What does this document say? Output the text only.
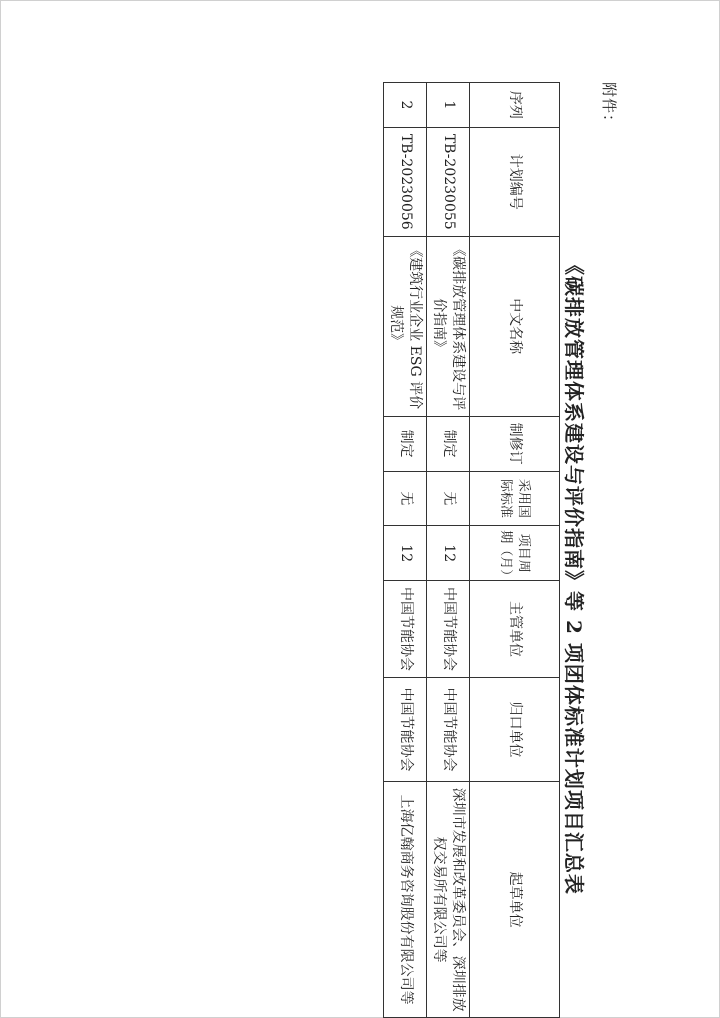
附件：
《碳排放管理体系建设与评价指南》等 2 项团体标准计划项目汇总表
序列	计划编号	中文名称	制修订	采用国际标准	项目周期（月）	主管单位	归口单位	起草单位
1	TB-20230055	《碳排放管理体系建设与评价指南》	制定	无	12	中国节能协会	中国节能协会	深圳市发展和改革委员会、深圳排放权交易所有限公司等
2	TB-20230056	《建筑行业企业 ESG 评价规范》	制定	无	12	中国节能协会	中国节能协会	上海亿翰商务咨询股份有限公司等
